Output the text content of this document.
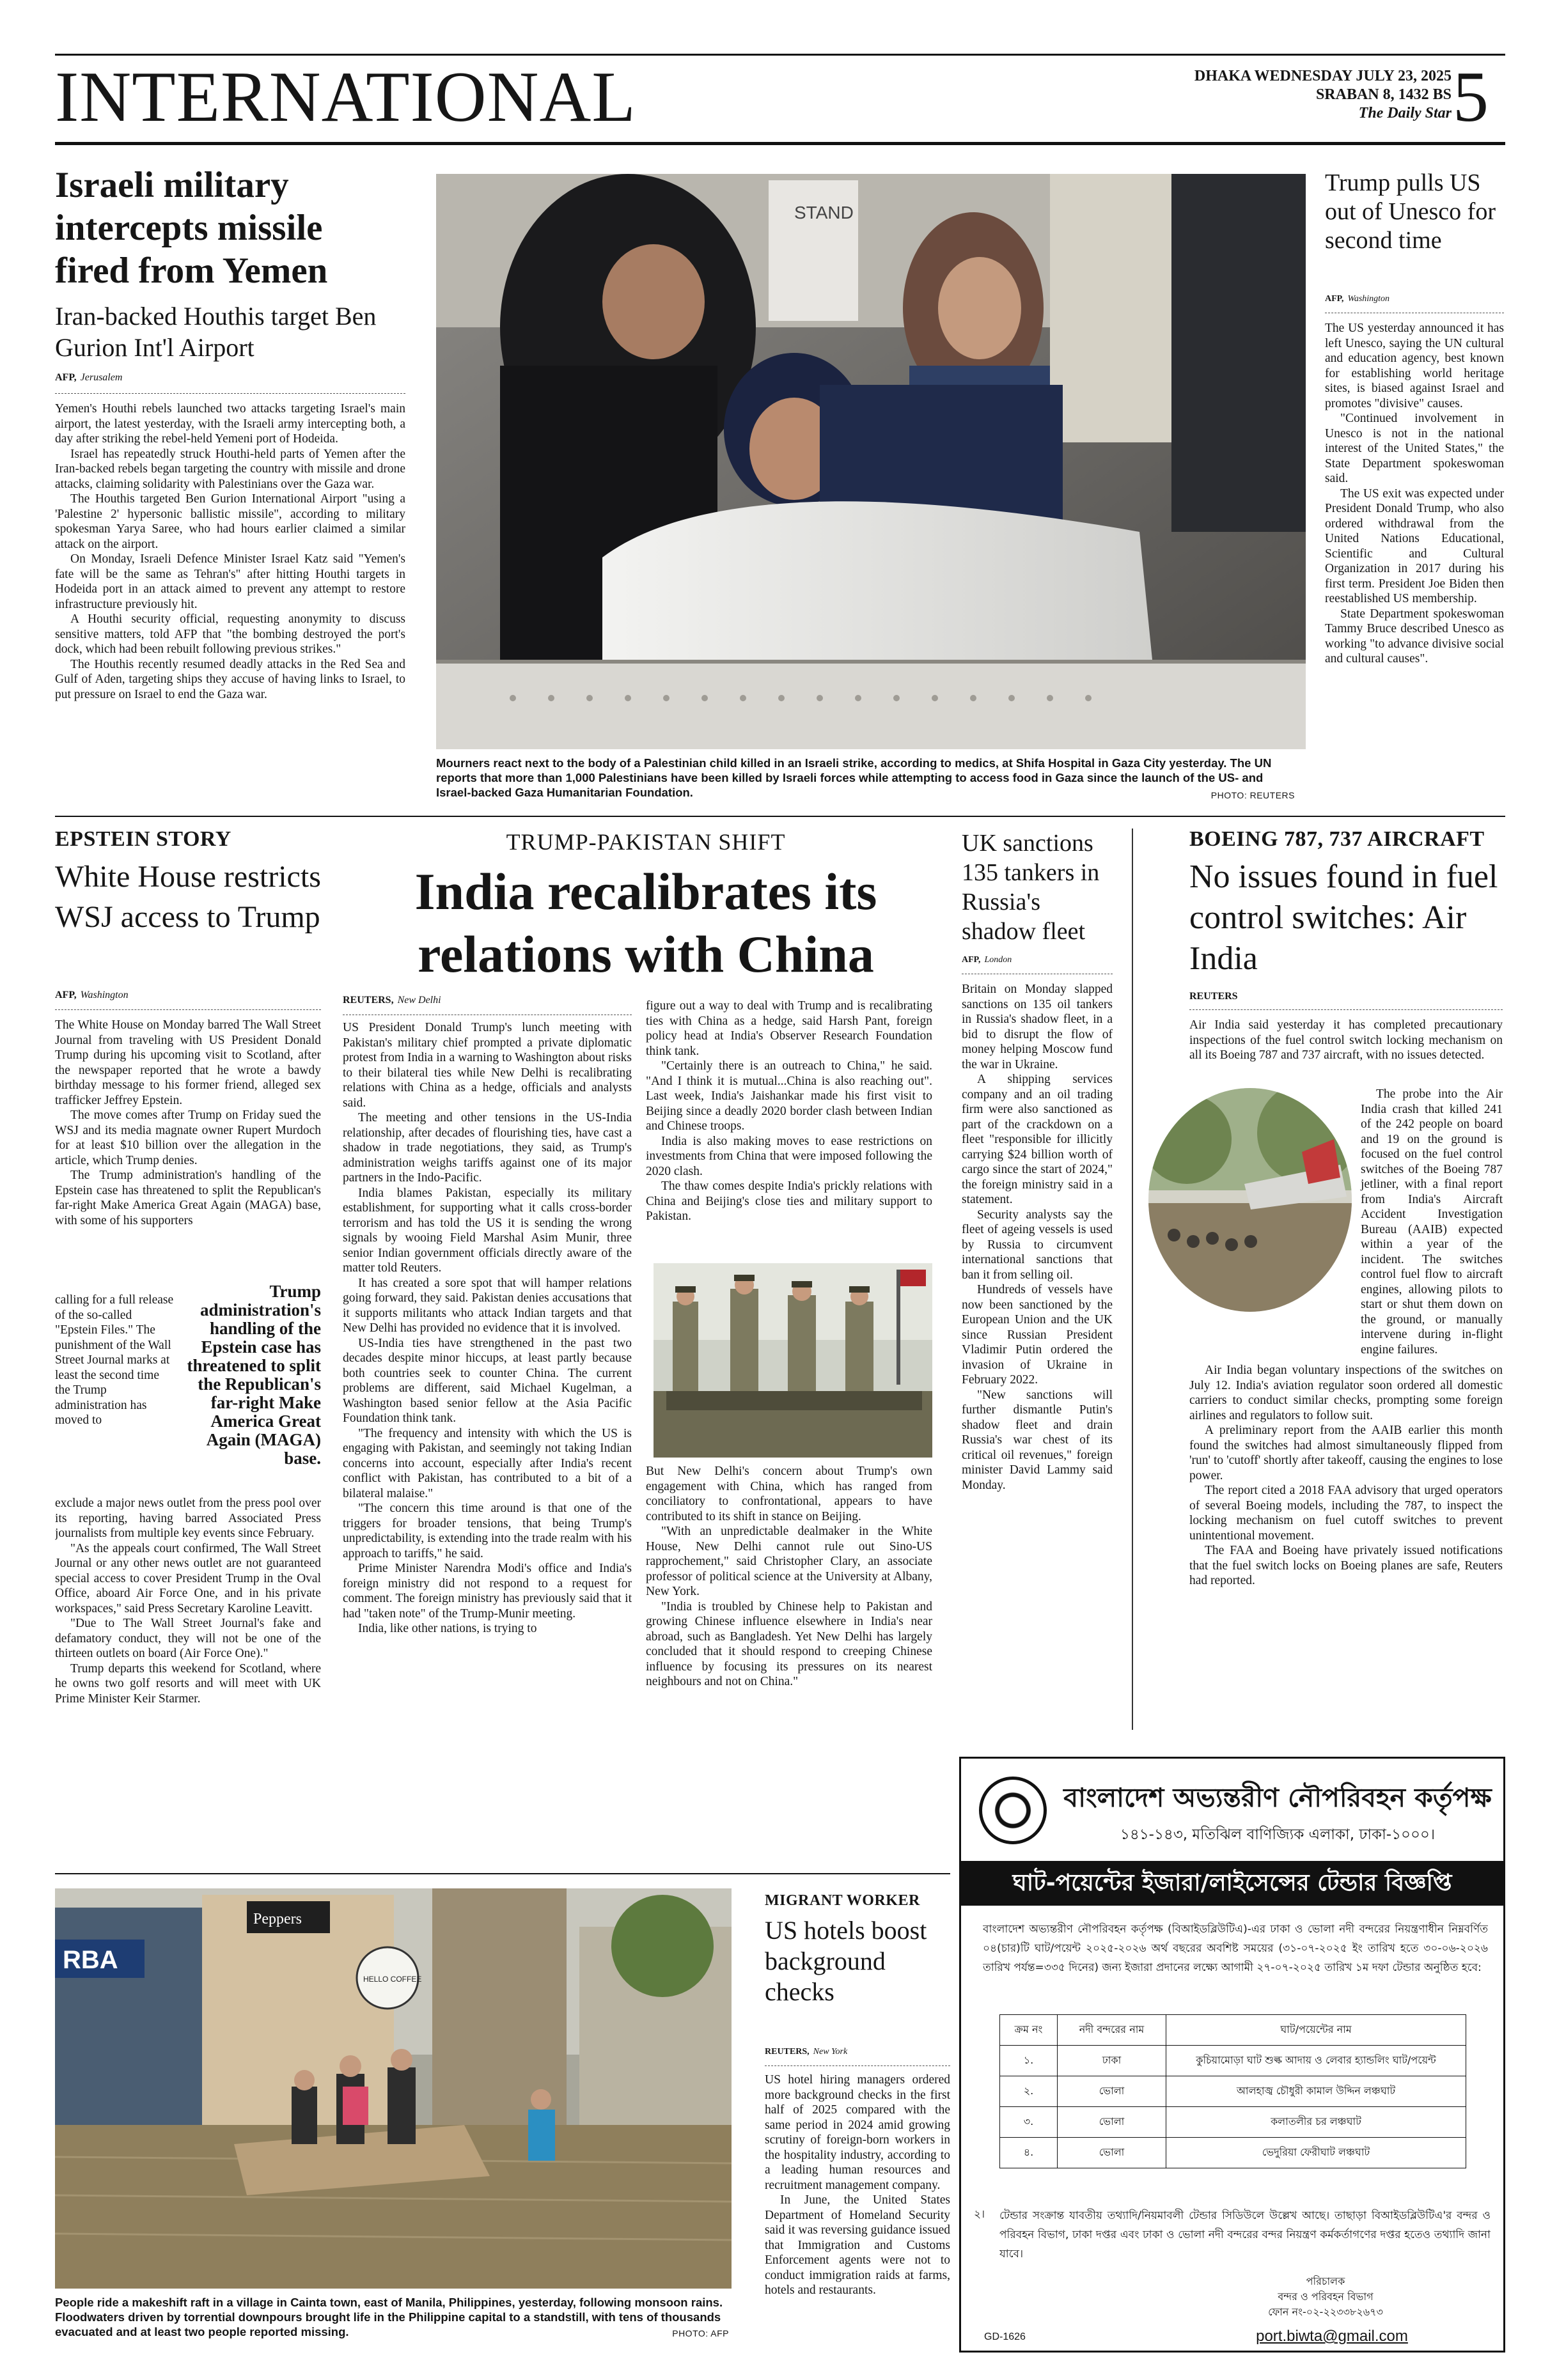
INTERNATIONAL	DHAKA WEDNESDAY JULY 23, 2025
SRABAN 8, 1432 BS
The Daily Star 5
Israeli military intercepts missile fired from Yemen
Iran-backed Houthis target Ben Gurion Int'l Airport
AFP, Jerusalem

Yemen's Houthi rebels launched two attacks targeting Israel's main airport, the latest yesterday, with the Israeli army intercepting both, a day after striking the rebel-held Yemeni port of Hodeida.

Israel has repeatedly struck Houthi-held parts of Yemen after the Iran-backed rebels began targeting the country with missile and drone attacks, claiming solidarity with Palestinians over the Gaza war.

The Houthis targeted Ben Gurion International Airport "using a 'Palestine 2' hypersonic ballistic missile", according to military spokesman Yarya Saree, who had hours earlier claimed a similar attack on the airport.

On Monday, Israeli Defence Minister Israel Katz said "Yemen's fate will be the same as Tehran's" after hitting Houthi targets in Hodeida port in an attack aimed to prevent any attempt to restore infrastructure previously hit.

A Houthi security official, requesting anonymity to discuss sensitive matters, told AFP that "the bombing destroyed the port's dock, which had been rebuilt following previous strikes."

The Houthis recently resumed deadly attacks in the Red Sea and Gulf of Aden, targeting ships they accuse of having links to Israel, to put pressure on Israel to end the Gaza war.

STAND
Mourners react next to the body of a Palestinian child killed in an Israeli strike, according to medics, at Shifa Hospital in Gaza City yesterday. The UN reports that more than 1,000 Palestinians have been killed by Israeli forces while attempting to access food in Gaza since the launch of the US- and Israel-backed Gaza Humanitarian Foundation.	PHOTO: REUTERS
Trump pulls US out of Unesco for second time
AFP, Washington

The US yesterday announced it has left Unesco, saying the UN cultural and education agency, best known for establishing world heritage sites, is biased against Israel and promotes "divisive" causes.

"Continued involvement in Unesco is not in the national interest of the United States," the State Department spokeswoman said.

The US exit was expected under President Donald Trump, who also ordered withdrawal from the United Nations Educational, Scientific and Cultural Organization in 2017 during his first term. President Joe Biden then reestablished US membership.

State Department spokeswoman Tammy Bruce described Unesco as working "to advance divisive social and cultural causes".

EPSTEIN STORY
White House restricts WSJ access to Trump
AFP, Washington

The White House on Monday barred The Wall Street Journal from traveling with US President Donald Trump during his upcoming visit to Scotland, after the newspaper reported that he wrote a bawdy birthday message to his former friend, alleged sex trafficker Jeffrey Epstein.

The move comes after Trump on Friday sued the WSJ and its media magnate owner Rupert Murdoch for at least $10 billion over the allegation in the article, which Trump denies.

The Trump administration's handling of the Epstein case has threatened to split the Republican's far-right Make America Great Again (MAGA) base, with some of his supporters

calling for a full release of the so-called "Epstein Files." The punishment of the Wall Street Journal marks at least the second time the Trump administration has moved to
Trump administration's handling of the Epstein case has threatened to split the Republican's far-right Make America Great Again (MAGA) base.

exclude a major news outlet from the press pool over its reporting, having barred Associated Press journalists from multiple key events since February.

"As the appeals court confirmed, The Wall Street Journal or any other news outlet are not guaranteed special access to cover President Trump in the Oval Office, aboard Air Force One, and in his private workspaces," said Press Secretary Karoline Leavitt.

"Due to The Wall Street Journal's fake and defamatory conduct, they will not be one of the thirteen outlets on board (Air Force One)."

Trump departs this weekend for Scotland, where he owns two golf resorts and will meet with UK Prime Minister Keir Starmer.

TRUMP-PAKISTAN SHIFT
India recalibrates its relations with China
REUTERS, New Delhi

US President Donald Trump's lunch meeting with Pakistan's military chief prompted a private diplomatic protest from India in a warning to Washington about risks to their bilateral ties while New Delhi is recalibrating relations with China as a hedge, officials and analysts said.

The meeting and other tensions in the US-India relationship, after decades of flourishing ties, have cast a shadow in trade negotiations, they said, as Trump's administration weighs tariffs against one of its major partners in the Indo-Pacific.

India blames Pakistan, especially its military establishment, for supporting what it calls cross-border terrorism and has told the US it is sending the wrong signals by wooing Field Marshal Asim Munir, three senior Indian government officials directly aware of the matter told Reuters.

It has created a sore spot that will hamper relations going forward, they said. Pakistan denies accusations that it supports militants who attack Indian targets and that New Delhi has provided no evidence that it is involved.

US-India ties have strengthened in the past two decades despite minor hiccups, at least partly because both countries seek to counter China. The current problems are different, said Michael Kugelman, a Washington based senior fellow at the Asia Pacific Foundation think tank.

"The frequency and intensity with which the US is engaging with Pakistan, and seemingly not taking Indian concerns into account, especially after India's recent conflict with Pakistan, has contributed to a bit of a bilateral malaise."

"The concern this time around is that one of the triggers for broader tensions, that being Trump's unpredictability, is extending into the trade realm with his approach to tariffs," he said.

Prime Minister Narendra Modi's office and India's foreign ministry did not respond to a request for comment. The foreign ministry has previously said that it had "taken note" of the Trump-Munir meeting.

India, like other nations, is trying to

figure out a way to deal with Trump and is recalibrating ties with China as a hedge, said Harsh Pant, foreign policy head at India's Observer Research Foundation think tank.

"Certainly there is an outreach to China," he said. "And I think it is mutual...China is also reaching out". Last week, India's Jaishankar made his first visit to Beijing since a deadly 2020 border clash between Indian and Chinese troops.

India is also making moves to ease restrictions on investments from China that were imposed following the 2020 clash.

The thaw comes despite India's prickly relations with China and Beijing's close ties and military support to Pakistan.

But New Delhi's concern about Trump's own engagement with China, which has ranged from conciliatory to confrontational, appears to have contributed to its shift in stance on Beijing.

"With an unpredictable dealmaker in the White House, New Delhi cannot rule out Sino-US rapprochement," said Christopher Clary, an associate professor of political science at the University at Albany, New York.

"India is troubled by Chinese help to Pakistan and growing Chinese influence elsewhere in India's near abroad, such as Bangladesh. Yet New Delhi has largely concluded that it should respond to creeping Chinese influence by focusing its pressures on its nearest neighbours and not on China."

UK sanctions 135 tankers in Russia's shadow fleet
AFP, London

Britain on Monday slapped sanctions on 135 oil tankers in Russia's shadow fleet, in a bid to disrupt the flow of money helping Moscow fund the war in Ukraine.

A shipping services company and an oil trading firm were also sanctioned as part of the crackdown on a fleet "responsible for illicitly carrying $24 billion worth of cargo since the start of 2024," the foreign ministry said in a statement.

Security analysts say the fleet of ageing vessels is used by Russia to circumvent international sanctions that ban it from selling oil.

Hundreds of vessels have now been sanctioned by the European Union and the UK since Russian President Vladimir Putin ordered the invasion of Ukraine in February 2022.

"New sanctions will further dismantle Putin's shadow fleet and drain Russia's war chest of its critical oil revenues," foreign minister David Lammy said Monday.

BOEING 787, 737 AIRCRAFT
No issues found in fuel control switches: Air India
REUTERS
Air India said yesterday it has completed precautionary inspections of the fuel control switch locking mechanism on all its Boeing 787 and 737 aircraft, with no issues detected.
The probe into the Air India crash that killed 241 of the 242 people on board and 19 on the ground is focused on the fuel control switches of the Boeing 787 jetliner, with a final report from India's Aircraft Accident Investigation Bureau (AAIB) expected within a year of the incident. The switches control fuel flow to aircraft engines, allowing pilots to start or shut them down on the ground, or manually intervene during in-flight engine failures.

Air India began voluntary inspections of the switches on July 12. India's aviation regulator soon ordered all domestic carriers to conduct similar checks, prompting some foreign airlines and regulators to follow suit.

A preliminary report from the AAIB earlier this month found the switches had almost simultaneously flipped from 'run' to 'cutoff' shortly after takeoff, causing the engines to lose power.

The report cited a 2018 FAA advisory that urged operators of several Boeing models, including the 787, to inspect the locking mechanism on fuel cutoff switches to prevent unintentional movement.

The FAA and Boeing have privately issued notifications that the fuel switch locks on Boeing planes are safe, Reuters had reported.

RBA
Peppers
HELLO COFFEE
People ride a makeshift raft in a village in Cainta town, east of Manila, Philippines, yesterday, following monsoon rains. Floodwaters driven by torrential downpours brought life in the Philippine capital to a standstill, with tens of thousands evacuated and at least two people reported missing.	PHOTO: AFP
MIGRANT WORKER
US hotels boost background checks
REUTERS, New York

US hotel hiring managers ordered more background checks in the first half of 2025 compared with the same period in 2024 amid growing scrutiny of foreign-born workers in the hospitality industry, according to a leading human resources and recruitment management company.

In June, the United States Department of Homeland Security said it was reversing guidance issued that Immigration and Customs Enforcement agents were not to conduct immigration raids at farms, hotels and restaurants.

বাংলাদেশ অভ্যন্তরীণ নৌপরিবহন কর্তৃপক্ষ
১৪১-১৪৩, মতিঝিল বাণিজ্যিক এলাকা, ঢাকা-১০০০।
ঘাট-পয়েন্টের ইজারা/লাইসেন্সের টেন্ডার বিজ্ঞপ্তি
বাংলাদেশ অভ্যন্তরীণ নৌপরিবহন কর্তৃপক্ষ (বিআইডব্লিউটিএ)-এর ঢাকা ও ভোলা নদী বন্দরের নিয়ন্ত্রণাধীন নিম্নবর্ণিত ০৪(চার)টি ঘাট/পয়েন্ট ২০২৫-২০২৬ অর্থ বছরের অবশিষ্ট সময়ের (৩১-০৭-২০২৫ ইং তারিখ হতে ৩০-০৬-২০২৬ তারিখ পর্যন্ত=৩৩৫ দিনের) জন্য ইজারা প্রদানের লক্ষ্যে আগামী ২৭-০৭-২০২৫ তারিখ ১ম দফা টেন্ডার অনুষ্ঠিত হবে:
ক্রম নং	নদী বন্দরের নাম	ঘাট/পয়েন্টের নাম
১.	ঢাকা	কুচিয়ামোড়া ঘাট শুল্ক আদায় ও লেবার হ্যান্ডলিং ঘাট/পয়েন্ট
২.	ভোলা	আলহাজ্ব চৌধুরী কামাল উদ্দিন লঞ্চঘাট
৩.	ভোলা	কলাতলীর চর লঞ্চঘাট
৪.	ভোলা	ভেদুরিয়া ফেরীঘাট লঞ্চঘাট
২।	টেন্ডার সংক্রান্ত যাবতীয় তথ্যাদি/নিয়মাবলী টেন্ডার সিডিউলে উল্লেখ আছে। তাছাড়া বিআইডব্লিউটিএ'র বন্দর ও পরিবহন বিভাগ, ঢাকা দপ্তর এবং ঢাকা ও ভোলা নদী বন্দরের বন্দর নিয়ন্ত্রণ কর্মকর্তাগণের দপ্তর হতেও তথ্যাদি জানা যাবে।
পরিচালক
বন্দর ও পরিবহন বিভাগ
ফোন নং-০২-২২৩৩৮২৬৭৩
port.biwta@gmail.com
GD-1626
